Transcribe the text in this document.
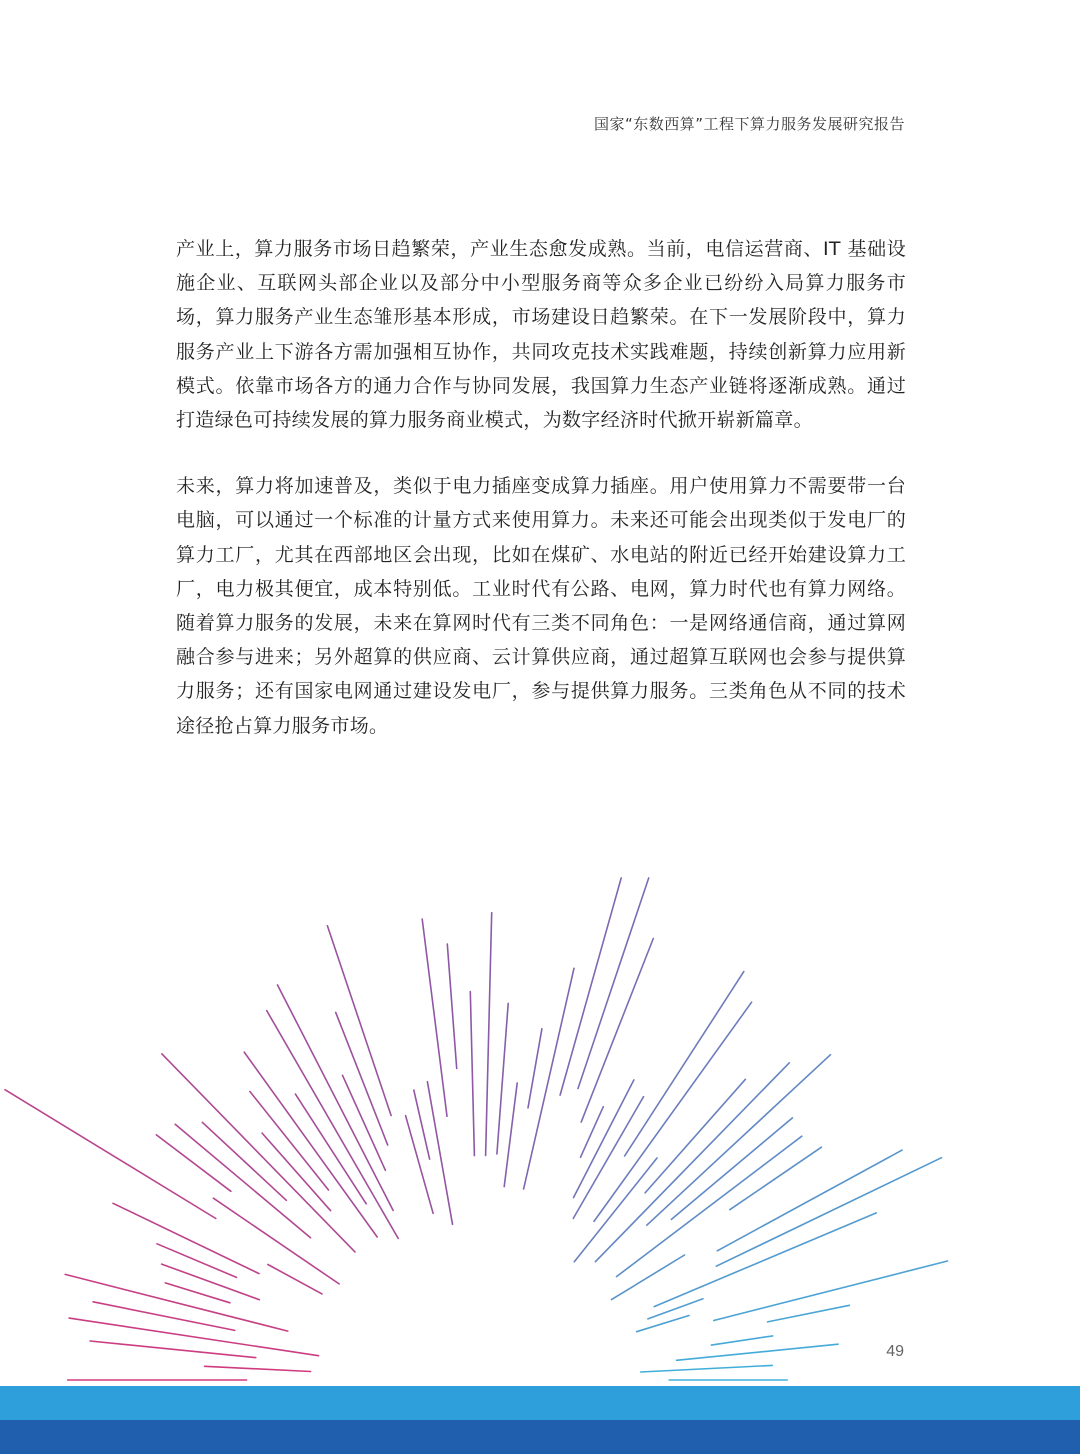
国家“东数西算”工程下算力服务发展研究报告

产业上，算力服务市场日趋繁荣，产业生态愈发成熟。当前，电信运营商、IT 基础设施企业、互联网头部企业以及部分中小型服务商等众多企业已纷纷入局算力服务市场，算力服务产业生态雏形基本形成，市场建设日趋繁荣。在下一发展阶段中，算力服务产业上下游各方需加强相互协作，共同攻克技术实践难题，持续创新算力应用新模式。依靠市场各方的通力合作与协同发展，我国算力生态产业链将逐渐成熟。通过打造绿色可持续发展的算力服务商业模式，为数字经济时代掀开崭新篇章。

未来，算力将加速普及，类似于电力插座变成算力插座。用户使用算力不需要带一台电脑，可以通过一个标准的计量方式来使用算力。未来还可能会出现类似于发电厂的算力工厂，尤其在西部地区会出现，比如在煤矿、水电站的附近已经开始建设算力工厂，电力极其便宜，成本特别低。工业时代有公路、电网，算力时代也有算力网络。随着算力服务的发展，未来在算网时代有三类不同角色：一是网络通信商，通过算网融合参与进来；另外超算的供应商、云计算供应商，通过超算互联网也会参与提供算力服务；还有国家电网通过建设发电厂，参与提供算力服务。三类角色从不同的技术途径抢占算力服务市场。

49
